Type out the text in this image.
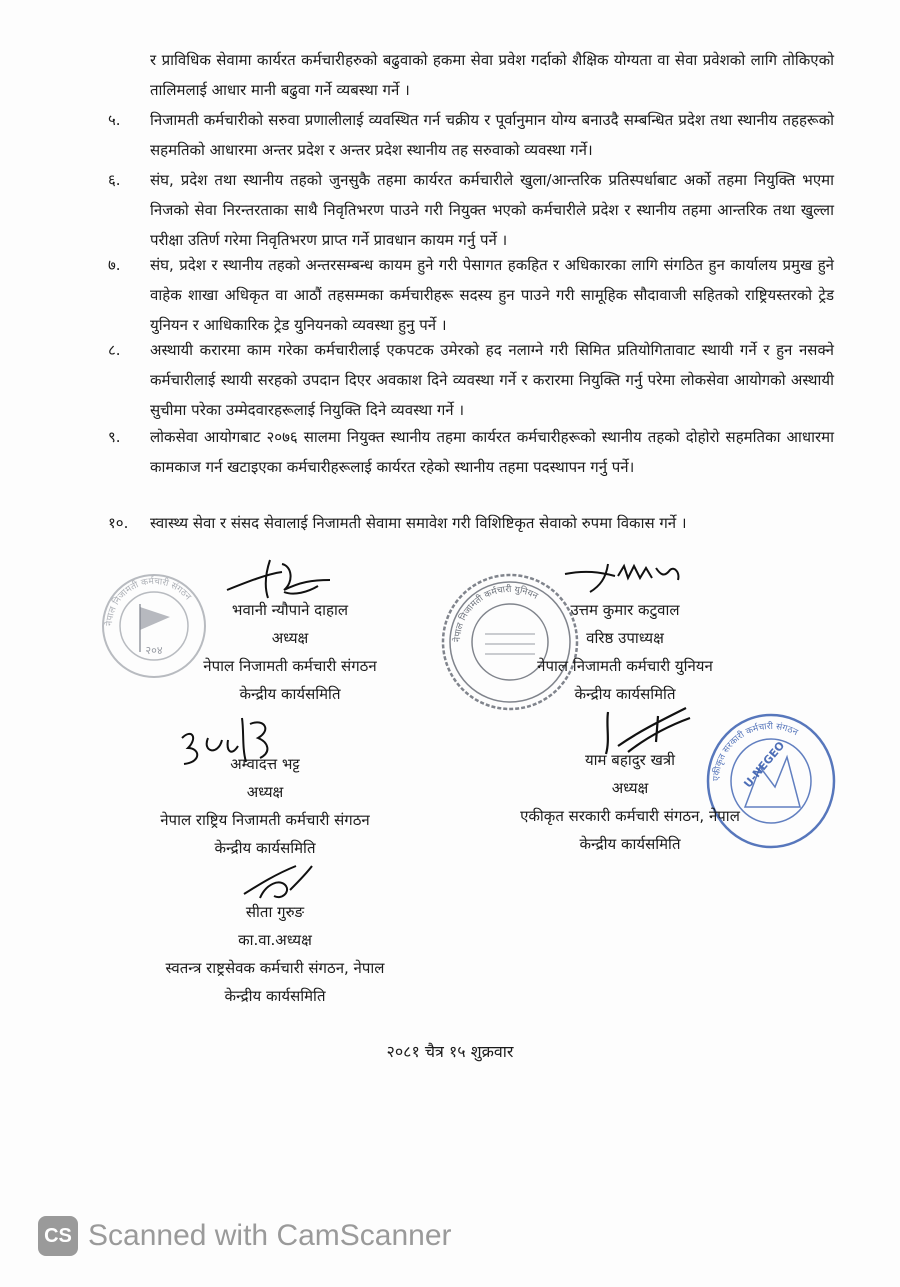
र प्राविधिक सेवामा कार्यरत कर्मचारीहरुको बढुवाको हकमा सेवा प्रवेश गर्दाको शैक्षिक योग्यता वा सेवा प्रवेशको लागि तोकिएको तालिमलाई आधार मानी बढुवा गर्ने व्यबस्था गर्ने ।
५.	निजामती कर्मचारीको सरुवा प्रणालीलाई व्यवस्थित गर्न चक्रीय र पूर्वानुमान योग्य बनाउदै सम्बन्धित प्रदेश तथा स्थानीय तहहरूको सहमतिको आधारमा अन्तर प्रदेश र अन्तर प्रदेश स्थानीय तह सरुवाको व्यवस्था गर्ने।
६.	संघ, प्रदेश तथा स्थानीय तहको जुनसुकै तहमा कार्यरत कर्मचारीले खुला/आन्तरिक प्रतिस्पर्धाबाट अर्को तहमा नियुक्ति भएमा निजको सेवा निरन्तरताका साथै निवृतिभरण पाउने गरी नियुक्त भएको कर्मचारीले प्रदेश र स्थानीय तहमा आन्तरिक तथा खुल्ला परीक्षा उतिर्ण गरेमा निवृतिभरण प्राप्त गर्ने प्रावधान कायम गर्नु पर्ने ।
७.	संघ, प्रदेश र स्थानीय तहको अन्तरसम्बन्ध कायम हुने गरी पेसागत हकहित र अधिकारका लागि संगठित हुन कार्यालय प्रमुख हुने वाहेक शाखा अधिकृत वा आठौं तहसम्मका कर्मचारीहरू सदस्य हुन पाउने गरी सामूहिक सौदावाजी सहितको राष्ट्रियस्तरको ट्रेड युनियन र आधिकारिक ट्रेड युनियनको व्यवस्था हुनु पर्ने ।
८.	अस्थायी करारमा काम गरेका कर्मचारीलाई एकपटक उमेरको हद नलाग्ने गरी सिमित प्रतियोगितावाट स्थायी गर्ने र हुन नसक्ने कर्मचारीलाई स्थायी सरहको उपदान दिएर अवकाश दिने व्यवस्था गर्ने र करारमा नियुक्ति गर्नु परेमा लोकसेवा आयोगको अस्थायी सुचीमा परेका उम्मेदवारहरूलाई नियुक्ति दिने व्यवस्था गर्ने ।
९.	लोकसेवा आयोगबाट २०७६ सालमा नियुक्त स्थानीय तहमा कार्यरत कर्मचारीहरूको स्थानीय तहको दोहोरो सहमतिका आधारमा कामकाज गर्न खटाइएका कर्मचारीहरूलाई कार्यरत रहेको स्थानीय तहमा पदस्थापन गर्नु पर्ने।
१०.	स्वास्थ्य सेवा र संसद सेवालाई निजामती सेवामा समावेश गरी विशिष्टिकृत सेवाको रुपमा विकास गर्ने ।
नेपाल निजामती कर्मचारी संगठन
२०४
नेपाल निजामती कर्मचारी युनियन
एकीकृत सरकारी कर्मचारी संगठन
U-NEGEO
भवानी न्यौपाने दाहाल
अध्यक्ष
नेपाल निजामती कर्मचारी संगठन
केन्द्रीय कार्यसमिति
उत्तम कुमार कटुवाल
वरिष्ठ उपाध्यक्ष
नेपाल निजामती कर्मचारी युनियन
केन्द्रीय कार्यसमिति
अम्वादत्त भट्ट
अध्यक्ष
नेपाल राष्ट्रिय निजामती कर्मचारी संगठन
केन्द्रीय कार्यसमिति
याम बहादुर खत्री
अध्यक्ष
एकीकृत सरकारी कर्मचारी संगठन, नेपाल
केन्द्रीय कार्यसमिति
सीता गुरुङ
का.वा.अध्यक्ष
स्वतन्त्र राष्ट्रसेवक कर्मचारी संगठन, नेपाल
केन्द्रीय कार्यसमिति
२०८१ चैत्र १५ शुक्रवार
CS Scanned with CamScanner
